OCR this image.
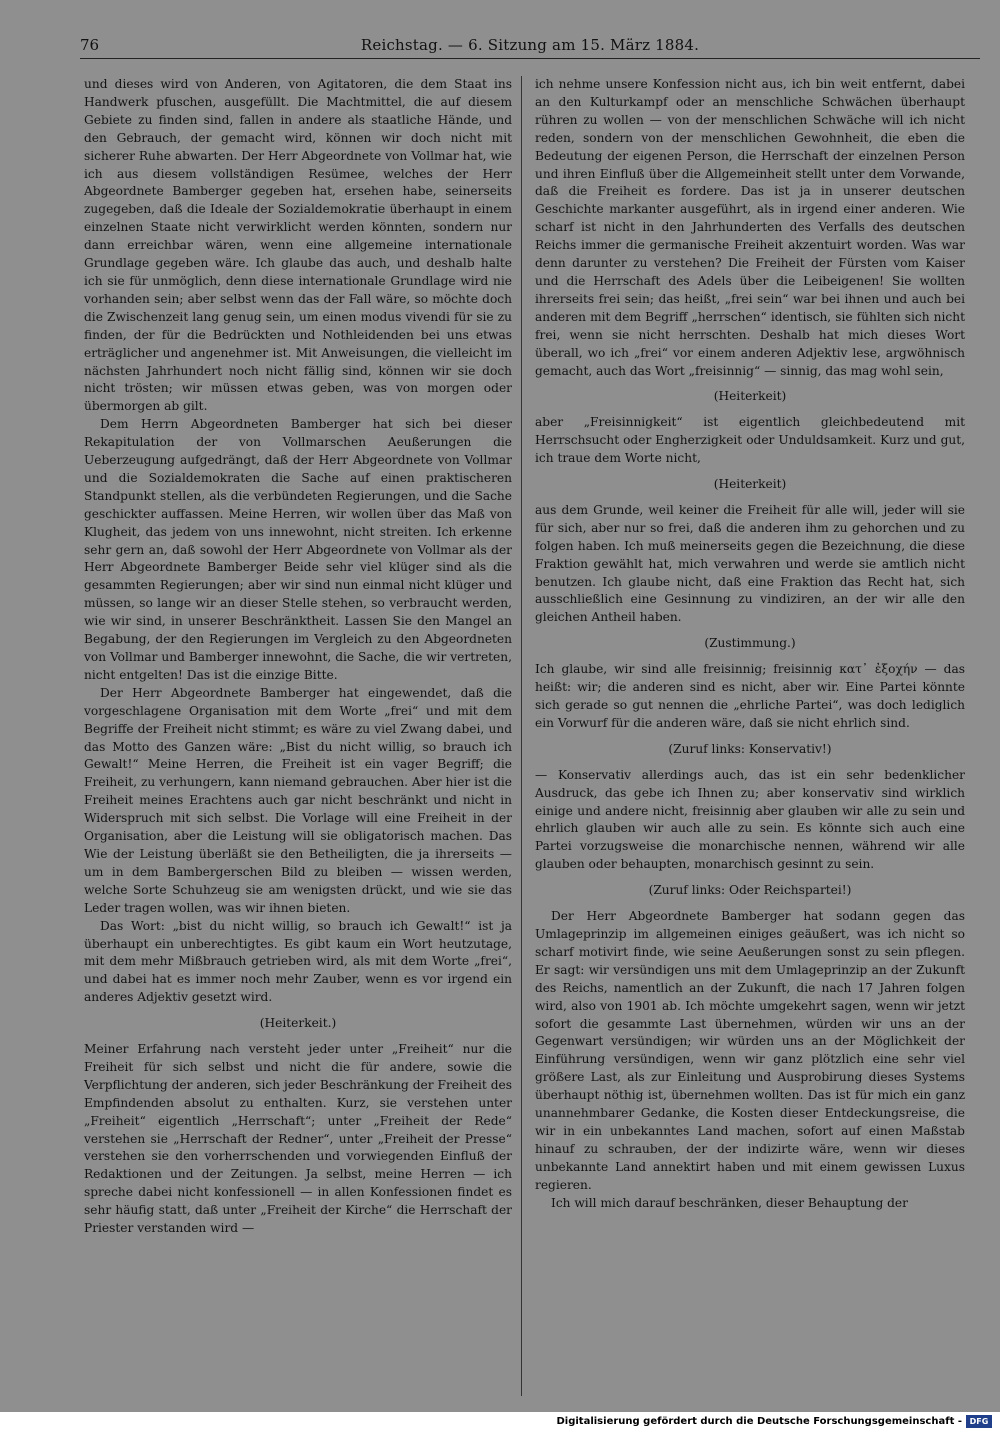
76	Reichstag. — 6. Sitzung am 15. März 1884.

und dieses wird von Anderen, von Agitatoren, die dem Staat ins Handwerk pfuschen, ausgefüllt. Die Machtmittel, die auf diesem Gebiete zu finden sind, fallen in andere als staatliche Hände, und den Gebrauch, der gemacht wird, können wir doch nicht mit sicherer Ruhe abwarten. Der Herr Abgeordnete von Vollmar hat, wie ich aus diesem vollständigen Resümee, welches der Herr Abgeordnete Bamberger gegeben hat, ersehen habe, seinerseits zugegeben, daß die Ideale der Sozialdemokratie überhaupt in einem einzelnen Staate nicht verwirklicht werden könnten, sondern nur dann erreichbar wären, wenn eine allgemeine internationale Grundlage gegeben wäre. Ich glaube das auch, und deshalb halte ich sie für unmöglich, denn diese internationale Grundlage wird nie vorhanden sein; aber selbst wenn das der Fall wäre, so möchte doch die Zwischenzeit lang genug sein, um einen modus vivendi für sie zu finden, der für die Bedrückten und Nothleidenden bei uns etwas erträglicher und angenehmer ist. Mit Anweisungen, die vielleicht im nächsten Jahrhundert noch nicht fällig sind, können wir sie doch nicht trösten; wir müssen etwas geben, was von morgen oder übermorgen ab gilt.

Dem Herrn Abgeordneten Bamberger hat sich bei dieser Rekapitulation der von Vollmarschen Aeußerungen die Ueberzeugung aufgedrängt, daß der Herr Abgeordnete von Vollmar und die Sozialdemokraten die Sache auf einen praktischeren Standpunkt stellen, als die verbündeten Regierungen, und die Sache geschickter auffassen. Meine Herren, wir wollen über das Maß von Klugheit, das jedem von uns innewohnt, nicht streiten. Ich erkenne sehr gern an, daß sowohl der Herr Abgeordnete von Vollmar als der Herr Abgeordnete Bamberger Beide sehr viel klüger sind als die gesammten Regierungen; aber wir sind nun einmal nicht klüger und müssen, so lange wir an dieser Stelle stehen, so verbraucht werden, wie wir sind, in unserer Beschränktheit. Lassen Sie den Mangel an Begabung, der den Regierungen im Vergleich zu den Abgeordneten von Vollmar und Bamberger innewohnt, die Sache, die wir vertreten, nicht entgelten! Das ist die einzige Bitte.

Der Herr Abgeordnete Bamberger hat eingewendet, daß die vorgeschlagene Organisation mit dem Worte „frei“ und mit dem Begriffe der Freiheit nicht stimmt; es wäre zu viel Zwang dabei, und das Motto des Ganzen wäre: „Bist du nicht willig, so brauch ich Gewalt!“ Meine Herren, die Freiheit ist ein vager Begriff; die Freiheit, zu verhungern, kann niemand gebrauchen. Aber hier ist die Freiheit meines Erachtens auch gar nicht beschränkt und nicht in Widerspruch mit sich selbst. Die Vorlage will eine Freiheit in der Organisation, aber die Leistung will sie obligatorisch machen. Das Wie der Leistung überläßt sie den Betheiligten, die ja ihrerseits — um in dem Bambergerschen Bild zu bleiben — wissen werden, welche Sorte Schuhzeug sie am wenigsten drückt, und wie sie das Leder tragen wollen, was wir ihnen bieten.

Das Wort: „bist du nicht willig, so brauch ich Gewalt!“ ist ja überhaupt ein unberechtigtes. Es gibt kaum ein Wort heutzutage, mit dem mehr Mißbrauch getrieben wird, als mit dem Worte „frei“, und dabei hat es immer noch mehr Zauber, wenn es vor irgend ein anderes Adjektiv gesetzt wird.

(Heiterkeit.)

Meiner Erfahrung nach versteht jeder unter „Freiheit“ nur die Freiheit für sich selbst und nicht die für andere, sowie die Verpflichtung der anderen, sich jeder Beschränkung der Freiheit des Empfindenden absolut zu enthalten. Kurz, sie verstehen unter „Freiheit“ eigentlich „Herrschaft“; unter „Freiheit der Rede“ verstehen sie „Herrschaft der Redner“, unter „Freiheit der Presse“ verstehen sie den vorherrschenden und vorwiegenden Einfluß der Redaktionen und der Zeitungen. Ja selbst, meine Herren — ich spreche dabei nicht konfessionell — in allen Konfessionen findet es sehr häufig statt, daß unter „Freiheit der Kirche“ die Herrschaft der Priester verstanden wird —

ich nehme unsere Konfession nicht aus, ich bin weit entfernt, dabei an den Kulturkampf oder an menschliche Schwächen überhaupt rühren zu wollen — von der menschlichen Schwäche will ich nicht reden, sondern von der menschlichen Gewohnheit, die eben die Bedeutung der eigenen Person, die Herrschaft der einzelnen Person und ihren Einfluß über die Allgemeinheit stellt unter dem Vorwande, daß die Freiheit es fordere. Das ist ja in unserer deutschen Geschichte markanter ausgeführt, als in irgend einer anderen. Wie scharf ist nicht in den Jahrhunderten des Verfalls des deutschen Reichs immer die germanische Freiheit akzentuirt worden. Was war denn darunter zu verstehen? Die Freiheit der Fürsten vom Kaiser und die Herrschaft des Adels über die Leibeigenen! Sie wollten ihrerseits frei sein; das heißt, „frei sein“ war bei ihnen und auch bei anderen mit dem Begriff „herrschen“ identisch, sie fühlten sich nicht frei, wenn sie nicht herrschten. Deshalb hat mich dieses Wort überall, wo ich „frei“ vor einem anderen Adjektiv lese, argwöhnisch gemacht, auch das Wort „freisinnig“ — sinnig, das mag wohl sein,

(Heiterkeit)

aber „Freisinnigkeit“ ist eigentlich gleichbedeutend mit Herrschsucht oder Engherzigkeit oder Unduldsamkeit. Kurz und gut, ich traue dem Worte nicht,

(Heiterkeit)

aus dem Grunde, weil keiner die Freiheit für alle will, jeder will sie für sich, aber nur so frei, daß die anderen ihm zu gehorchen und zu folgen haben. Ich muß meinerseits gegen die Bezeichnung, die diese Fraktion gewählt hat, mich verwahren und werde sie amtlich nicht benutzen. Ich glaube nicht, daß eine Fraktion das Recht hat, sich ausschließlich eine Gesinnung zu vindiziren, an der wir alle den gleichen Antheil haben.

(Zustimmung.)

Ich glaube, wir sind alle freisinnig; freisinnig κατ᾽ ἐξοχήν — das heißt: wir; die anderen sind es nicht, aber wir. Eine Partei könnte sich gerade so gut nennen die „ehrliche Partei“, was doch lediglich ein Vorwurf für die anderen wäre, daß sie nicht ehrlich sind.

(Zuruf links: Konservativ!)

— Konservativ allerdings auch, das ist ein sehr bedenklicher Ausdruck, das gebe ich Ihnen zu; aber konservativ sind wirklich einige und andere nicht, freisinnig aber glauben wir alle zu sein und ehrlich glauben wir auch alle zu sein. Es könnte sich auch eine Partei vorzugsweise die monarchische nennen, während wir alle glauben oder behaupten, monarchisch gesinnt zu sein.

(Zuruf links: Oder Reichspartei!)

Der Herr Abgeordnete Bamberger hat sodann gegen das Umlageprinzip im allgemeinen einiges geäußert, was ich nicht so scharf motivirt finde, wie seine Aeußerungen sonst zu sein pflegen. Er sagt: wir versündigen uns mit dem Umlageprinzip an der Zukunft des Reichs, namentlich an der Zukunft, die nach 17 Jahren folgen wird, also von 1901 ab. Ich möchte umgekehrt sagen, wenn wir jetzt sofort die gesammte Last übernehmen, würden wir uns an der Gegenwart versündigen; wir würden uns an der Möglichkeit der Einführung versündigen, wenn wir ganz plötzlich eine sehr viel größere Last, als zur Einleitung und Ausprobirung dieses Systems überhaupt nöthig ist, übernehmen wollten. Das ist für mich ein ganz unannehmbarer Gedanke, die Kosten dieser Entdeckungsreise, die wir in ein unbekanntes Land machen, sofort auf einen Maßstab hinauf zu schrauben, der der indizirte wäre, wenn wir dieses unbekannte Land annektirt haben und mit einem gewissen Luxus regieren.

Ich will mich darauf beschränken, dieser Behauptung der

Digitalisierung gefördert durch die Deutsche Forschungsgemeinschaft - DFG
